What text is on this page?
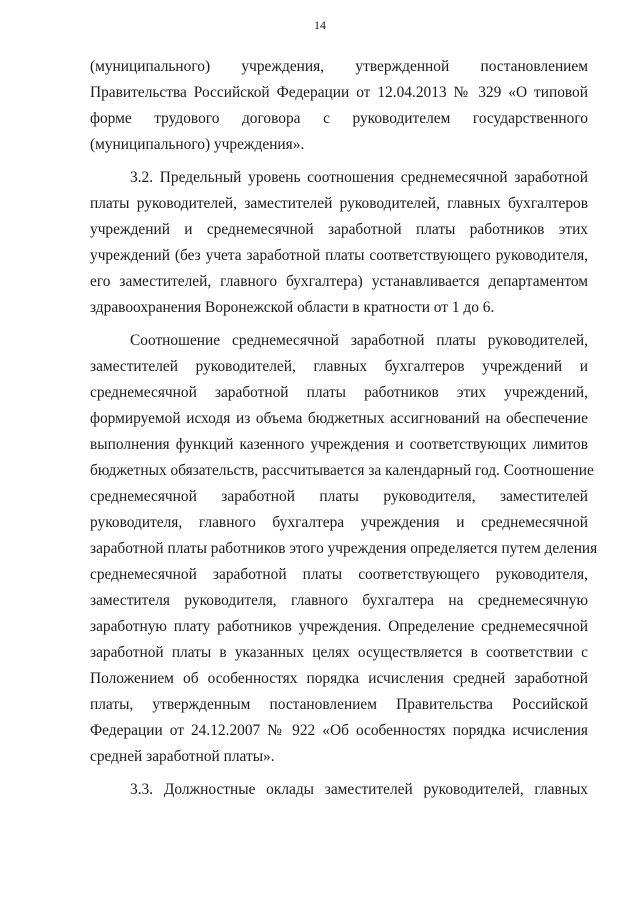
14
(муниципального) учреждения, утвержденной постановлением
Правительства Российской Федерации от 12.04.2013 № 329 «О типовой
форме трудового договора с руководителем государственного
(муниципального) учреждения».
3.2. Предельный уровень соотношения среднемесячной заработной
платы руководителей, заместителей руководителей, главных бухгалтеров
учреждений и среднемесячной заработной платы работников этих
учреждений (без учета заработной платы соответствующего руководителя,
его заместителей, главного бухгалтера) устанавливается департаментом
здравоохранения Воронежской области в кратности от 1 до 6.
Соотношение среднемесячной заработной платы руководителей,
заместителей руководителей, главных бухгалтеров учреждений и
среднемесячной заработной платы работников этих учреждений,
формируемой исходя из объема бюджетных ассигнований на обеспечение
выполнения функций казенного учреждения и соответствующих лимитов
бюджетных обязательств, рассчитывается за календарный год. Соотношение
среднемесячной заработной платы руководителя, заместителей
руководителя, главного бухгалтера учреждения и среднемесячной
заработной платы работников этого учреждения определяется путем деления
среднемесячной заработной платы соответствующего руководителя,
заместителя руководителя, главного бухгалтера на среднемесячную
заработную плату работников учреждения. Определение среднемесячной
заработной платы в указанных целях осуществляется в соответствии с
Положением об особенностях порядка исчисления средней заработной
платы, утвержденным постановлением Правительства Российской
Федерации от 24.12.2007 № 922 «Об особенностях порядка исчисления
средней заработной платы».
3.3. Должностные оклады заместителей руководителей, главных
